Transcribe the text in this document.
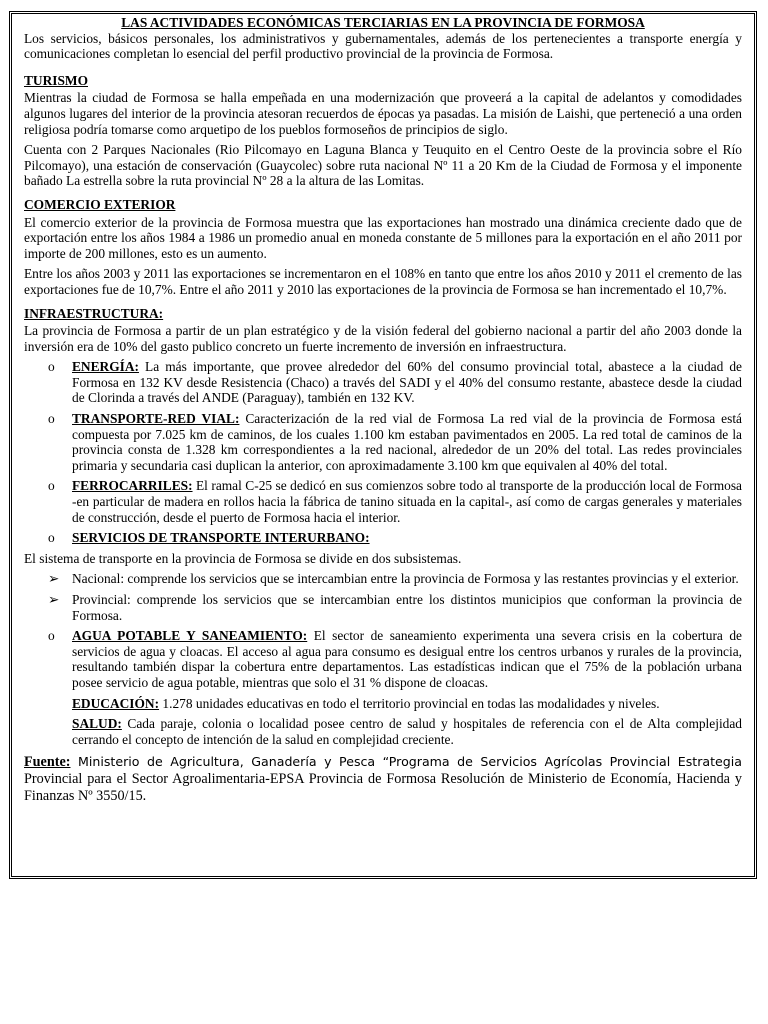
LAS ACTIVIDADES ECONÓMICAS TERCIARIAS EN LA PROVINCIA DE FORMOSA

Los servicios, básicos personales, los administrativos y gubernamentales, además de los pertenecientes a transporte energía y comunicaciones completan lo esencial del perfil productivo provincial de la provincia de Formosa.

TURISMO

Mientras la ciudad de Formosa se halla empeñada en una modernización que proveerá a la capital de adelantos y comodidades algunos lugares del interior de la provincia atesoran recuerdos de épocas ya pasadas. La misión de Laishi, que perteneció a una orden religiosa podría tomarse como arquetipo de los pueblos formoseños de principios de siglo.

Cuenta con 2 Parques Nacionales (Rio Pilcomayo en Laguna Blanca y Teuquito en el Centro Oeste de la provincia sobre el Río Pilcomayo), una estación de conservación (Guaycolec) sobre ruta nacional Nº 11 a 20 Km de la Ciudad de Formosa y el imponente bañado La estrella sobre la ruta provincial Nº 28 a la altura de las Lomitas.

COMERCIO EXTERIOR

El comercio exterior de la provincia de Formosa muestra que las exportaciones han mostrado una dinámica creciente dado que de exportación entre los años 1984 a 1986 un promedio anual en moneda constante de 5 millones para la exportación en el año 2011 por importe de 200 millones, esto es un aumento.

Entre los años 2003 y 2011 las exportaciones se incrementaron en el 108% en tanto que entre los años 2010 y 2011 el cremento de las exportaciones fue de 10,7%. Entre el año 2011 y 2010 las exportaciones de la provincia de Formosa se han incrementado el 10,7%.

INFRAESTRUCTURA:

La provincia de Formosa a partir de un plan estratégico y de la visión federal del gobierno nacional a partir del año 2003 donde la inversión era de 10% del gasto publico concreto un fuerte incremento de inversión en infraestructura.

o ENERGÍA: La más importante, que provee alrededor del 60% del consumo provincial total, abastece a la ciudad de Formosa en 132 KV desde Resistencia (Chaco) a través del SADI y el 40% del consumo restante, abastece desde la ciudad de Clorinda a través del ANDE (Paraguay), también en 132 KV.
o TRANSPORTE-RED VIAL: Caracterización de la red vial de Formosa La red vial de la provincia de Formosa está compuesta por 7.025 km de caminos, de los cuales 1.100 km estaban pavimentados en 2005. La red total de caminos de la provincia consta de 1.328 km correspondientes a la red nacional, alrededor de un 20% del total. Las redes provinciales primaria y secundaria casi duplican la anterior, con aproximadamente 3.100 km que equivalen al 40% del total.
o FERROCARRILES: El ramal C-25 se dedicó en sus comienzos sobre todo al transporte de la producción local de Formosa -en particular de madera en rollos hacia la fábrica de tanino situada en la capital-, así como de cargas generales y materiales de construcción, desde el puerto de Formosa hacia el interior.
o SERVICIOS DE TRANSPORTE INTERURBANO:

El sistema de transporte en la provincia de Formosa se divide en dos subsistemas.

➢ Nacional: comprende los servicios que se intercambian entre la provincia de Formosa y las restantes provincias y el exterior.
➢ Provincial: comprende los servicios que se intercambian entre los distintos municipios que conforman la provincia de Formosa.
o AGUA POTABLE Y SANEAMIENTO: El sector de saneamiento experimenta una severa crisis en la cobertura de servicios de agua y cloacas. El acceso al agua para consumo es desigual entre los centros urbanos y rurales de la provincia, resultando también dispar la cobertura entre departamentos. Las estadísticas indican que el 75% de la población urbana posee servicio de agua potable, mientras que solo el 31 % dispone de cloacas.
EDUCACIÓN: 1.278 unidades educativas en todo el territorio provincial en todas las modalidades y niveles.
SALUD: Cada paraje, colonia o localidad posee centro de salud y hospitales de referencia con el de Alta complejidad cerrando el concepto de intención de la salud en complejidad creciente.

Fuente: Ministerio de Agricultura, Ganadería y Pesca “Programa de Servicios Agrícolas Provincial Estrategia Provincial para el Sector Agroalimentaria-EPSA Provincia de Formosa Resolución de Ministerio de Economía, Hacienda y Finanzas Nº 3550/15.
